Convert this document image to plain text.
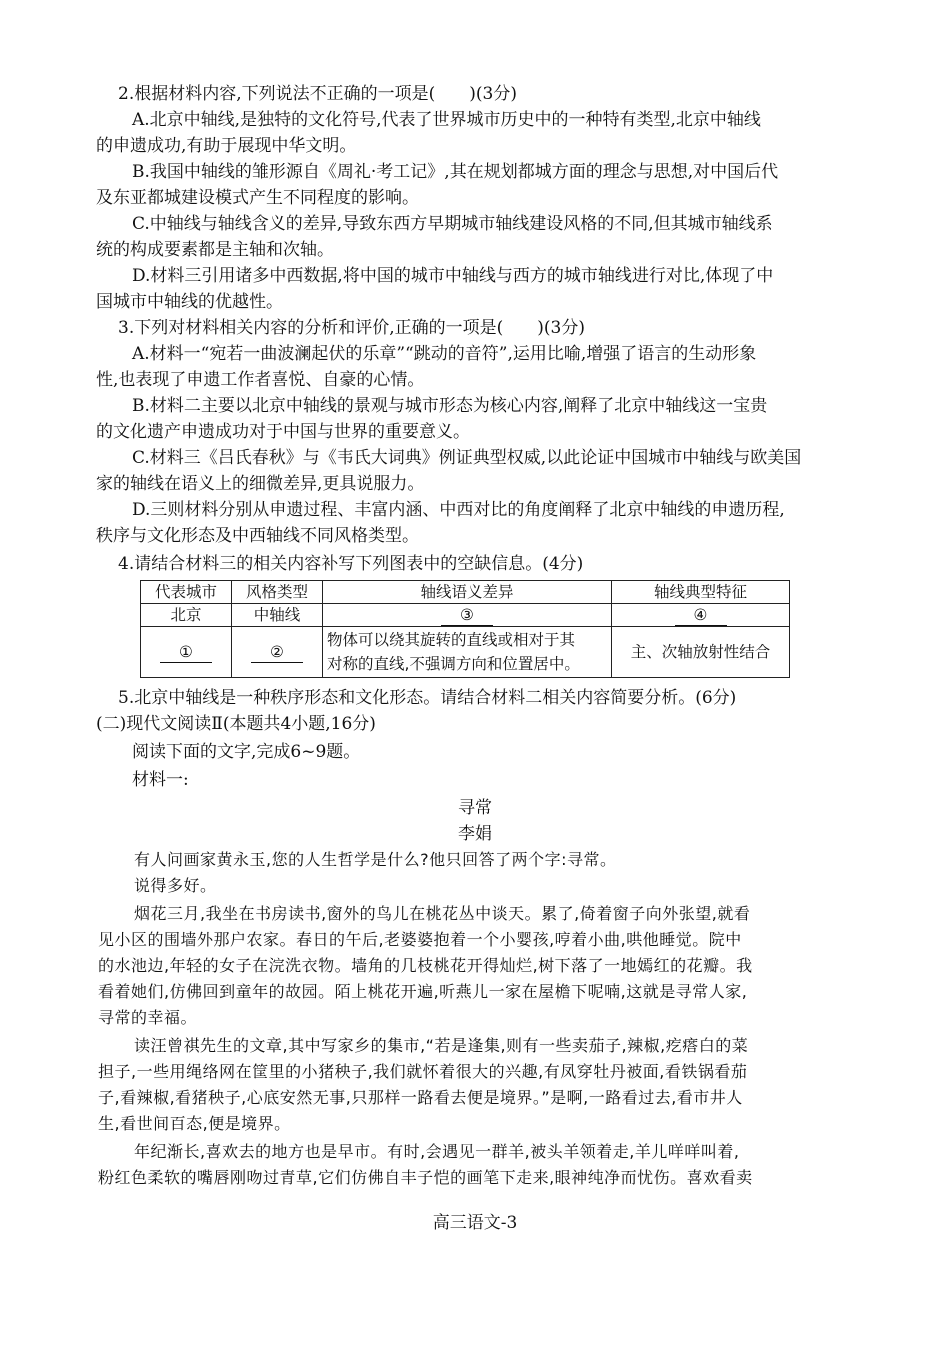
2.根据材料内容,下列说法不正确的一项是(　　)(3分)
A.北京中轴线,是独特的文化符号,代表了世界城市历史中的一种特有类型,北京中轴线
的申遗成功,有助于展现中华文明。
B.我国中轴线的雏形源自《周礼·考工记》,其在规划都城方面的理念与思想,对中国后代
及东亚都城建设模式产生不同程度的影响。
C.中轴线与轴线含义的差异,导致东西方早期城市轴线建设风格的不同,但其城市轴线系
统的构成要素都是主轴和次轴。
D.材料三引用诸多中西数据,将中国的城市中轴线与西方的城市轴线进行对比,体现了中
国城市中轴线的优越性。
3.下列对材料相关内容的分析和评价,正确的一项是(　　)(3分)
A.材料一“宛若一曲波澜起伏的乐章”“跳动的音符”,运用比喻,增强了语言的生动形象
性,也表现了申遗工作者喜悦、自豪的心情。
B.材料二主要以北京中轴线的景观与城市形态为核心内容,阐释了北京中轴线这一宝贵
的文化遗产申遗成功对于中国与世界的重要意义。
C.材料三《吕氏春秋》与《韦氏大词典》例证典型权威,以此论证中国城市中轴线与欧美国
家的轴线在语义上的细微差异,更具说服力。
D.三则材料分别从申遗过程、丰富内涵、中西对比的角度阐释了北京中轴线的申遗历程,
秩序与文化形态及中西轴线不同风格类型。
4.请结合材料三的相关内容补写下列图表中的空缺信息。(4分)
代表城市	风格类型	轴线语义差异	轴线典型特征
北京	中轴线	③	④
①	②	物体可以绕其旋转的直线或相对于其
对称的直线,不强调方向和位置居中。	主、次轴放射性结合
5.北京中轴线是一种秩序形态和文化形态。请结合材料二相关内容简要分析。(6分)
(二)现代文阅读Ⅱ(本题共4小题,16分)
阅读下面的文字,完成6~9题。
材料一:
寻常
李娟
有人问画家黄永玉,您的人生哲学是什么?他只回答了两个字:寻常。
说得多好。
烟花三月,我坐在书房读书,窗外的鸟儿在桃花丛中谈天。累了,倚着窗子向外张望,就看
见小区的围墙外那户农家。春日的午后,老婆婆抱着一个小婴孩,哼着小曲,哄他睡觉。院中
的水池边,年轻的女子在浣洗衣物。墙角的几枝桃花开得灿烂,树下落了一地嫣红的花瓣。我
看着她们,仿佛回到童年的故园。陌上桃花开遍,听燕儿一家在屋檐下呢喃,这就是寻常人家,
寻常的幸福。
读汪曾祺先生的文章,其中写家乡的集市,“若是逢集,则有一些卖茄子,辣椒,疙瘩白的菜
担子,一些用绳络网在筐里的小猪秧子,我们就怀着很大的兴趣,有凤穿牡丹被面,看铁锅看茄
子,看辣椒,看猪秧子,心底安然无事,只那样一路看去便是境界。”是啊,一路看过去,看市井人
生,看世间百态,便是境界。
年纪渐长,喜欢去的地方也是早市。有时,会遇见一群羊,被头羊领着走,羊儿咩咩叫着,
粉红色柔软的嘴唇刚吻过青草,它们仿佛自丰子恺的画笔下走来,眼神纯净而忧伤。喜欢看卖
高三语文-3
